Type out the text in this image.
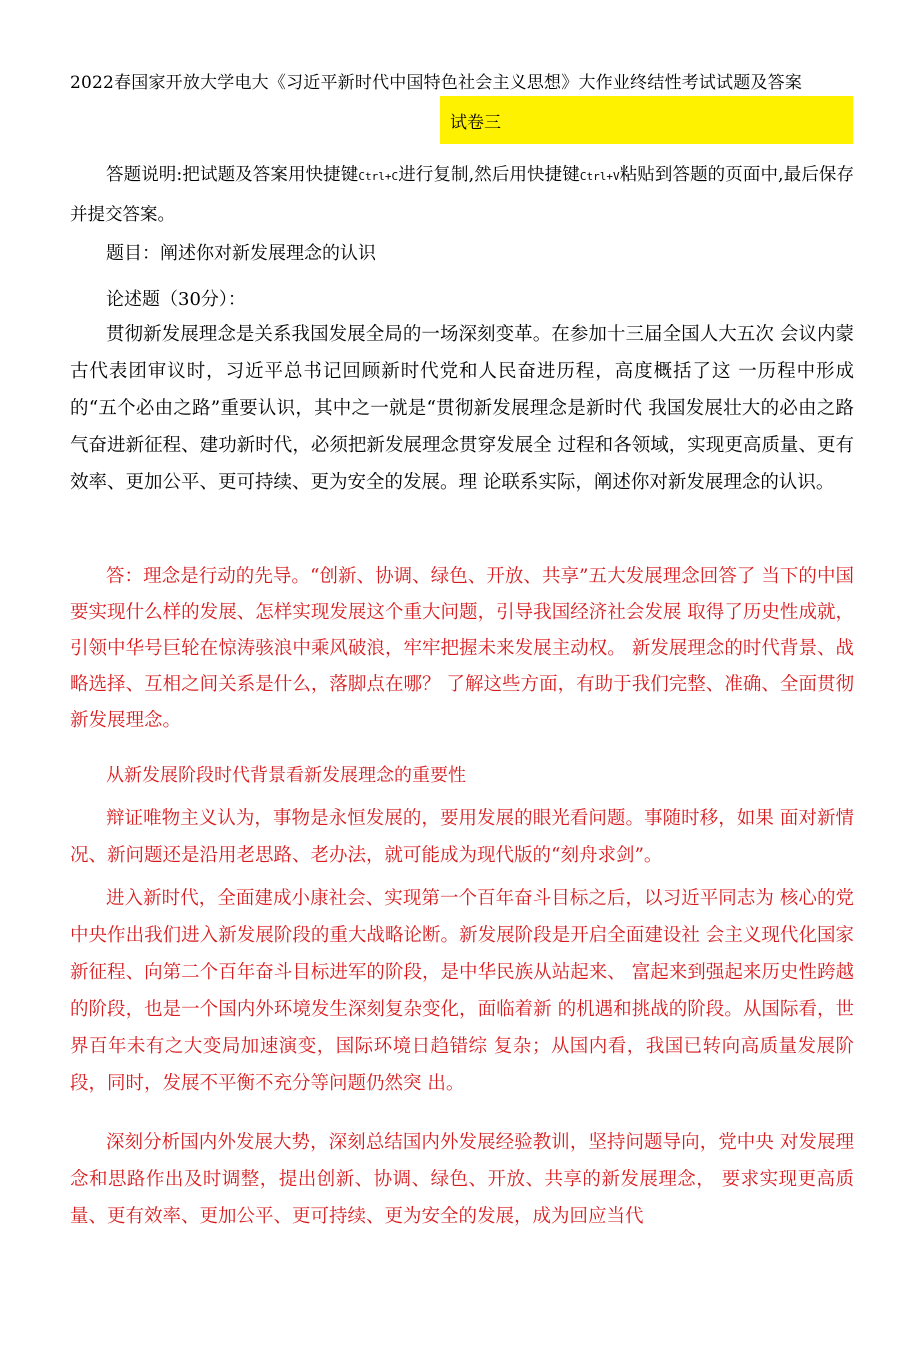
2022春国家开放大学电大《习近平新时代中国特色社会主义思想》大作业终结性考试试题及答案
试卷三
答题说明:把试题及答案用快捷键Ctrl+C进行复制,然后用快捷键Ctrl+V粘贴到答题的页面中,最后保存并提交答案。
题目：阐述你对新发展理念的认识
论述题（30分）：
贯彻新发展理念是关系我国发展全局的一场深刻变革。在参加十三届全国人大五次 会议内蒙古代表团审议时，习近平总书记回顾新时代党和人民奋进历程，高度概括了这 一历程中形成的“五个必由之路”重要认识，其中之一就是“贯彻新发展理念是新时代 我国发展壮大的必由之路气奋进新征程、建功新时代，必须把新发展理念贯穿发展全 过程和各领域，实现更高质量、更有效率、更加公平、更可持续、更为安全的发展。理 论联系实际，阐述你对新发展理念的认识。
答：理念是行动的先导。“创新、协调、绿色、开放、共享”五大发展理念回答了 当下的中国要实现什么样的发展、怎样实现发展这个重大问题，引导我国经济社会发展 取得了历史性成就，引领中华号巨轮在惊涛骇浪中乘风破浪，牢牢把握未来发展主动权。 新发展理念的时代背景、战略选择、互相之间关系是什么，落脚点在哪？ 了解这些方面，有助于我们完整、准确、全面贯彻新发展理念。
从新发展阶段时代背景看新发展理念的重要性
辩证唯物主义认为，事物是永恒发展的，要用发展的眼光看问题。事随时移，如果 面对新情况、新问题还是沿用老思路、老办法，就可能成为现代版的“刻舟求剑”。
进入新时代，全面建成小康社会、实现第一个百年奋斗目标之后，以习近平同志为 核心的党中央作出我们进入新发展阶段的重大战略论断。新发展阶段是开启全面建设社 会主义现代化国家新征程、向第二个百年奋斗目标进军的阶段，是中华民族从站起来、 富起来到强起来历史性跨越的阶段，也是一个国内外环境发生深刻复杂变化，面临着新 的机遇和挑战的阶段。从国际看，世界百年未有之大变局加速演变，国际环境日趋错综 复杂；从国内看，我国已转向高质量发展阶段，同时，发展不平衡不充分等问题仍然突 出。
深刻分析国内外发展大势，深刻总结国内外发展经验教训，坚持问题导向，党中央 对发展理念和思路作出及时调整，提出创新、协调、绿色、开放、共享的新发展理念， 要求实现更高质量、更有效率、更加公平、更可持续、更为安全的发展，成为回应当代
